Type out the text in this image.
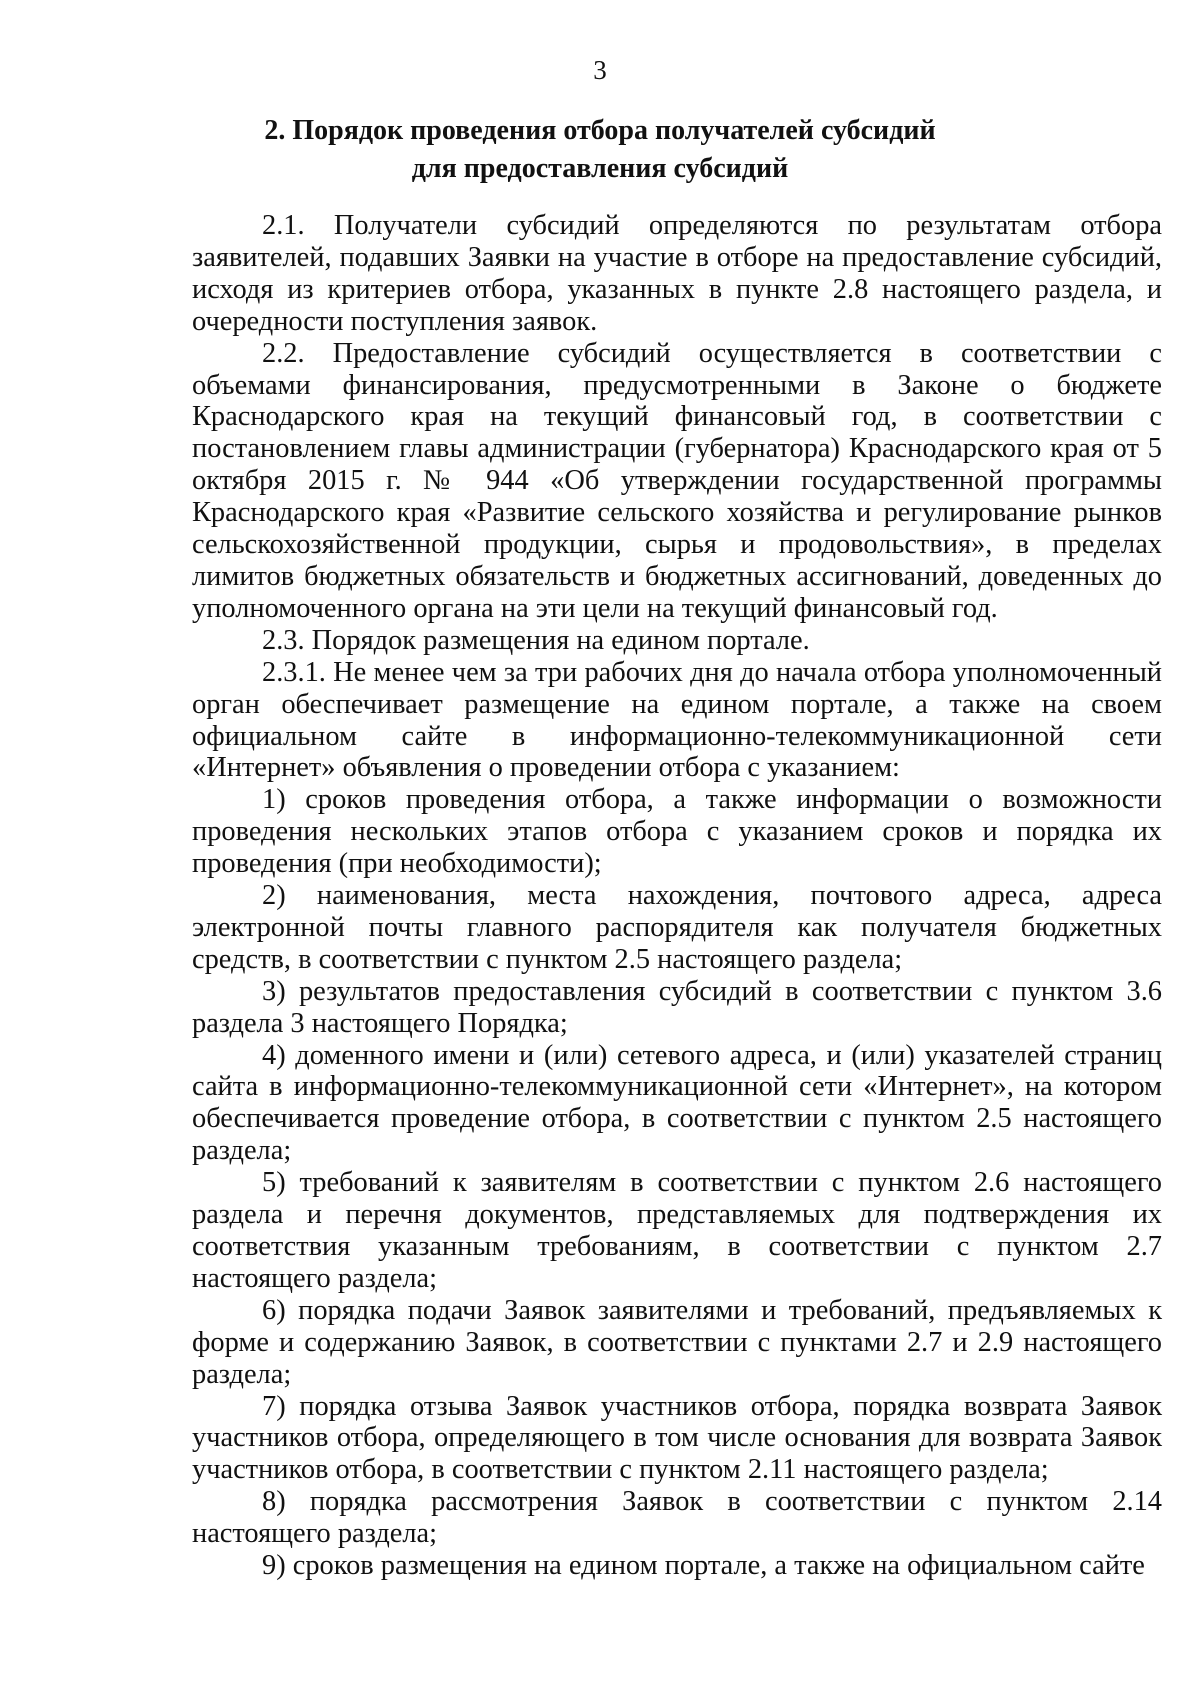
3
2. Порядок проведения отбора получателей субсидий
для предоставления субсидий

2.1. Получатели субсидий определяются по результатам отбора заявителей, подавших Заявки на участие в отборе на предоставление субсидий, исходя из критериев отбора, указанных в пункте 2.8 настоящего раздела, и очередности поступления заявок.

2.2. Предоставление субсидий осуществляется в соответствии с объемами финансирования, предусмотренными в Законе о бюджете Краснодарского края на текущий финансовый год, в соответствии с постановлением главы администрации (губернатора) Краснодарского края от 5 октября 2015 г. № 944 «Об утверждении государственной программы Краснодарского края «Развитие сельского хозяйства и регулирование рынков сельскохозяйственной продукции, сырья и продовольствия», в пределах лимитов бюджетных обязательств и бюджетных ассигнований, доведенных до уполномоченного органа на эти цели на текущий финансовый год.

2.3. Порядок размещения на едином портале.

2.3.1. Не менее чем за три рабочих дня до начала отбора уполномоченный орган обеспечивает размещение на едином портале, а также на своем официальном сайте в информационно-телекоммуникационной сети «Интернет» объявления о проведении отбора с указанием:

1) сроков проведения отбора, а также информации о возможности проведения нескольких этапов отбора с указанием сроков и порядка их проведения (при необходимости);

2) наименования, места нахождения, почтового адреса, адреса электронной почты главного распорядителя как получателя бюджетных средств, в соответствии с пунктом 2.5 настоящего раздела;

3) результатов предоставления субсидий в соответствии с пунктом 3.6 раздела 3 настоящего Порядка;

4) доменного имени и (или) сетевого адреса, и (или) указателей страниц сайта в информационно-телекоммуникационной сети «Интернет», на котором обеспечивается проведение отбора, в соответствии с пунктом 2.5 настоящего раздела;

5) требований к заявителям в соответствии с пунктом 2.6 настоящего раздела и перечня документов, представляемых для подтверждения их соответствия указанным требованиям, в соответствии с пунктом 2.7 настоящего раздела;

6) порядка подачи Заявок заявителями и требований, предъявляемых к форме и содержанию Заявок, в соответствии с пунктами 2.7 и 2.9 настоящего раздела;

7) порядка отзыва Заявок участников отбора, порядка возврата Заявок участников отбора, определяющего в том числе основания для возврата Заявок участников отбора, в соответствии с пунктом 2.11 настоящего раздела;

8) порядка рассмотрения Заявок в соответствии с пунктом 2.14 настоящего раздела;

9) сроков размещения на едином портале, а также на официальном сайте
